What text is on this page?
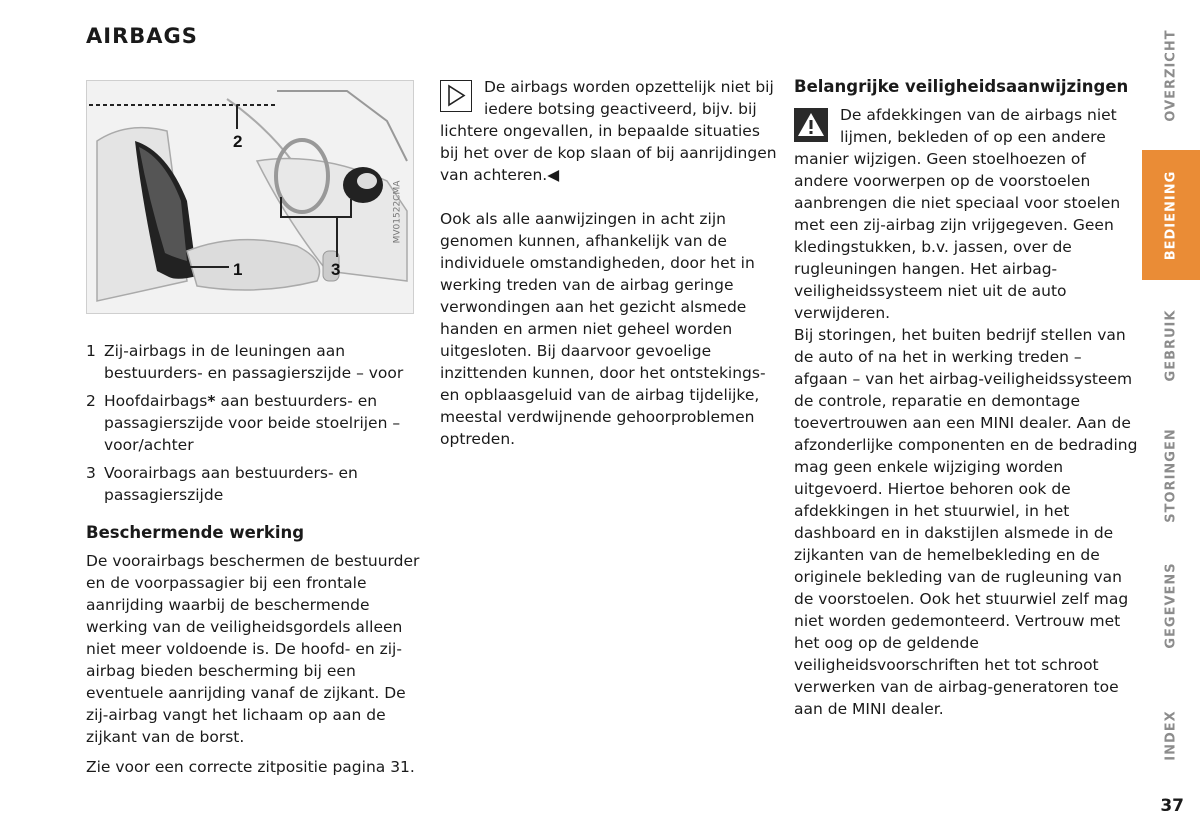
AIRBAGS
2
1	3
MV01522CMA
1 Zij-airbags in de leuningen aan bestuurders- en passagierszijde – voor
2 Hoofdairbags* aan bestuurders- en passagierszijde voor beide stoelrijen – voor/achter
3 Voorairbags aan bestuurders- en passagierszijde
Beschermende werking

De voorairbags beschermen de bestuurder en de voorpassagier bij een frontale aanrijding waarbij de beschermende werking van de veiligheidsgordels alleen niet meer voldoende is. De hoofd- en zij-airbag bieden bescherming bij een eventuele aanrijding vanaf de zijkant. De zij-airbag vangt het lichaam op aan de zijkant van de borst.

Zie voor een correcte zitpositie pagina 31.

De airbags worden opzettelijk niet bij iedere botsing geactiveerd, bijv. bij lichtere ongevallen, in bepaalde situaties bij het over de kop slaan of bij aanrijdingen van achteren.◀

Ook als alle aanwijzingen in acht zijn genomen kunnen, afhankelijk van de individuele omstandigheden, door het in werking treden van de airbag geringe verwondingen aan het gezicht alsmede handen en armen niet geheel worden uitgesloten. Bij daarvoor gevoelige inzittenden kunnen, door het ontstekings- en opblaasgeluid van de airbag tijdelijke, meestal verdwijnende gehoorproblemen optreden.

Belangrijke veiligheidsaanwijzingen

De afdekkingen van de airbags niet lijmen, bekleden of op een andere manier wijzigen. Geen stoelhoezen of andere voorwerpen op de voorstoelen aanbrengen die niet speciaal voor stoelen met een zij-airbag zijn vrijgegeven. Geen kledingstukken, b.v. jassen, over de rugleuningen hangen. Het airbag-veiligheidssysteem niet uit de auto verwijderen.

Bij storingen, het buiten bedrijf stellen van de auto of na het in werking treden – afgaan – van het airbag-veiligheidssysteem de controle, reparatie en demontage toevertrouwen aan een MINI dealer. Aan de afzonderlijke componenten en de bedrading mag geen enkele wijziging worden uitgevoerd. Hiertoe behoren ook de afdekkingen in het stuurwiel, in het dashboard en in dakstijlen alsmede in de zijkanten van de hemelbekleding en de originele bekleding van de rugleuning van de voorstoelen. Ook het stuurwiel zelf mag niet worden gedemonteerd. Vertrouw met het oog op de geldende veiligheidsvoorschriften het tot schroot verwerken van de airbag-generatoren toe aan de MINI dealer.

OVERZICHT
BEDIENING
GEBRUIK
STORINGEN
GEGEVENS
INDEX
37
